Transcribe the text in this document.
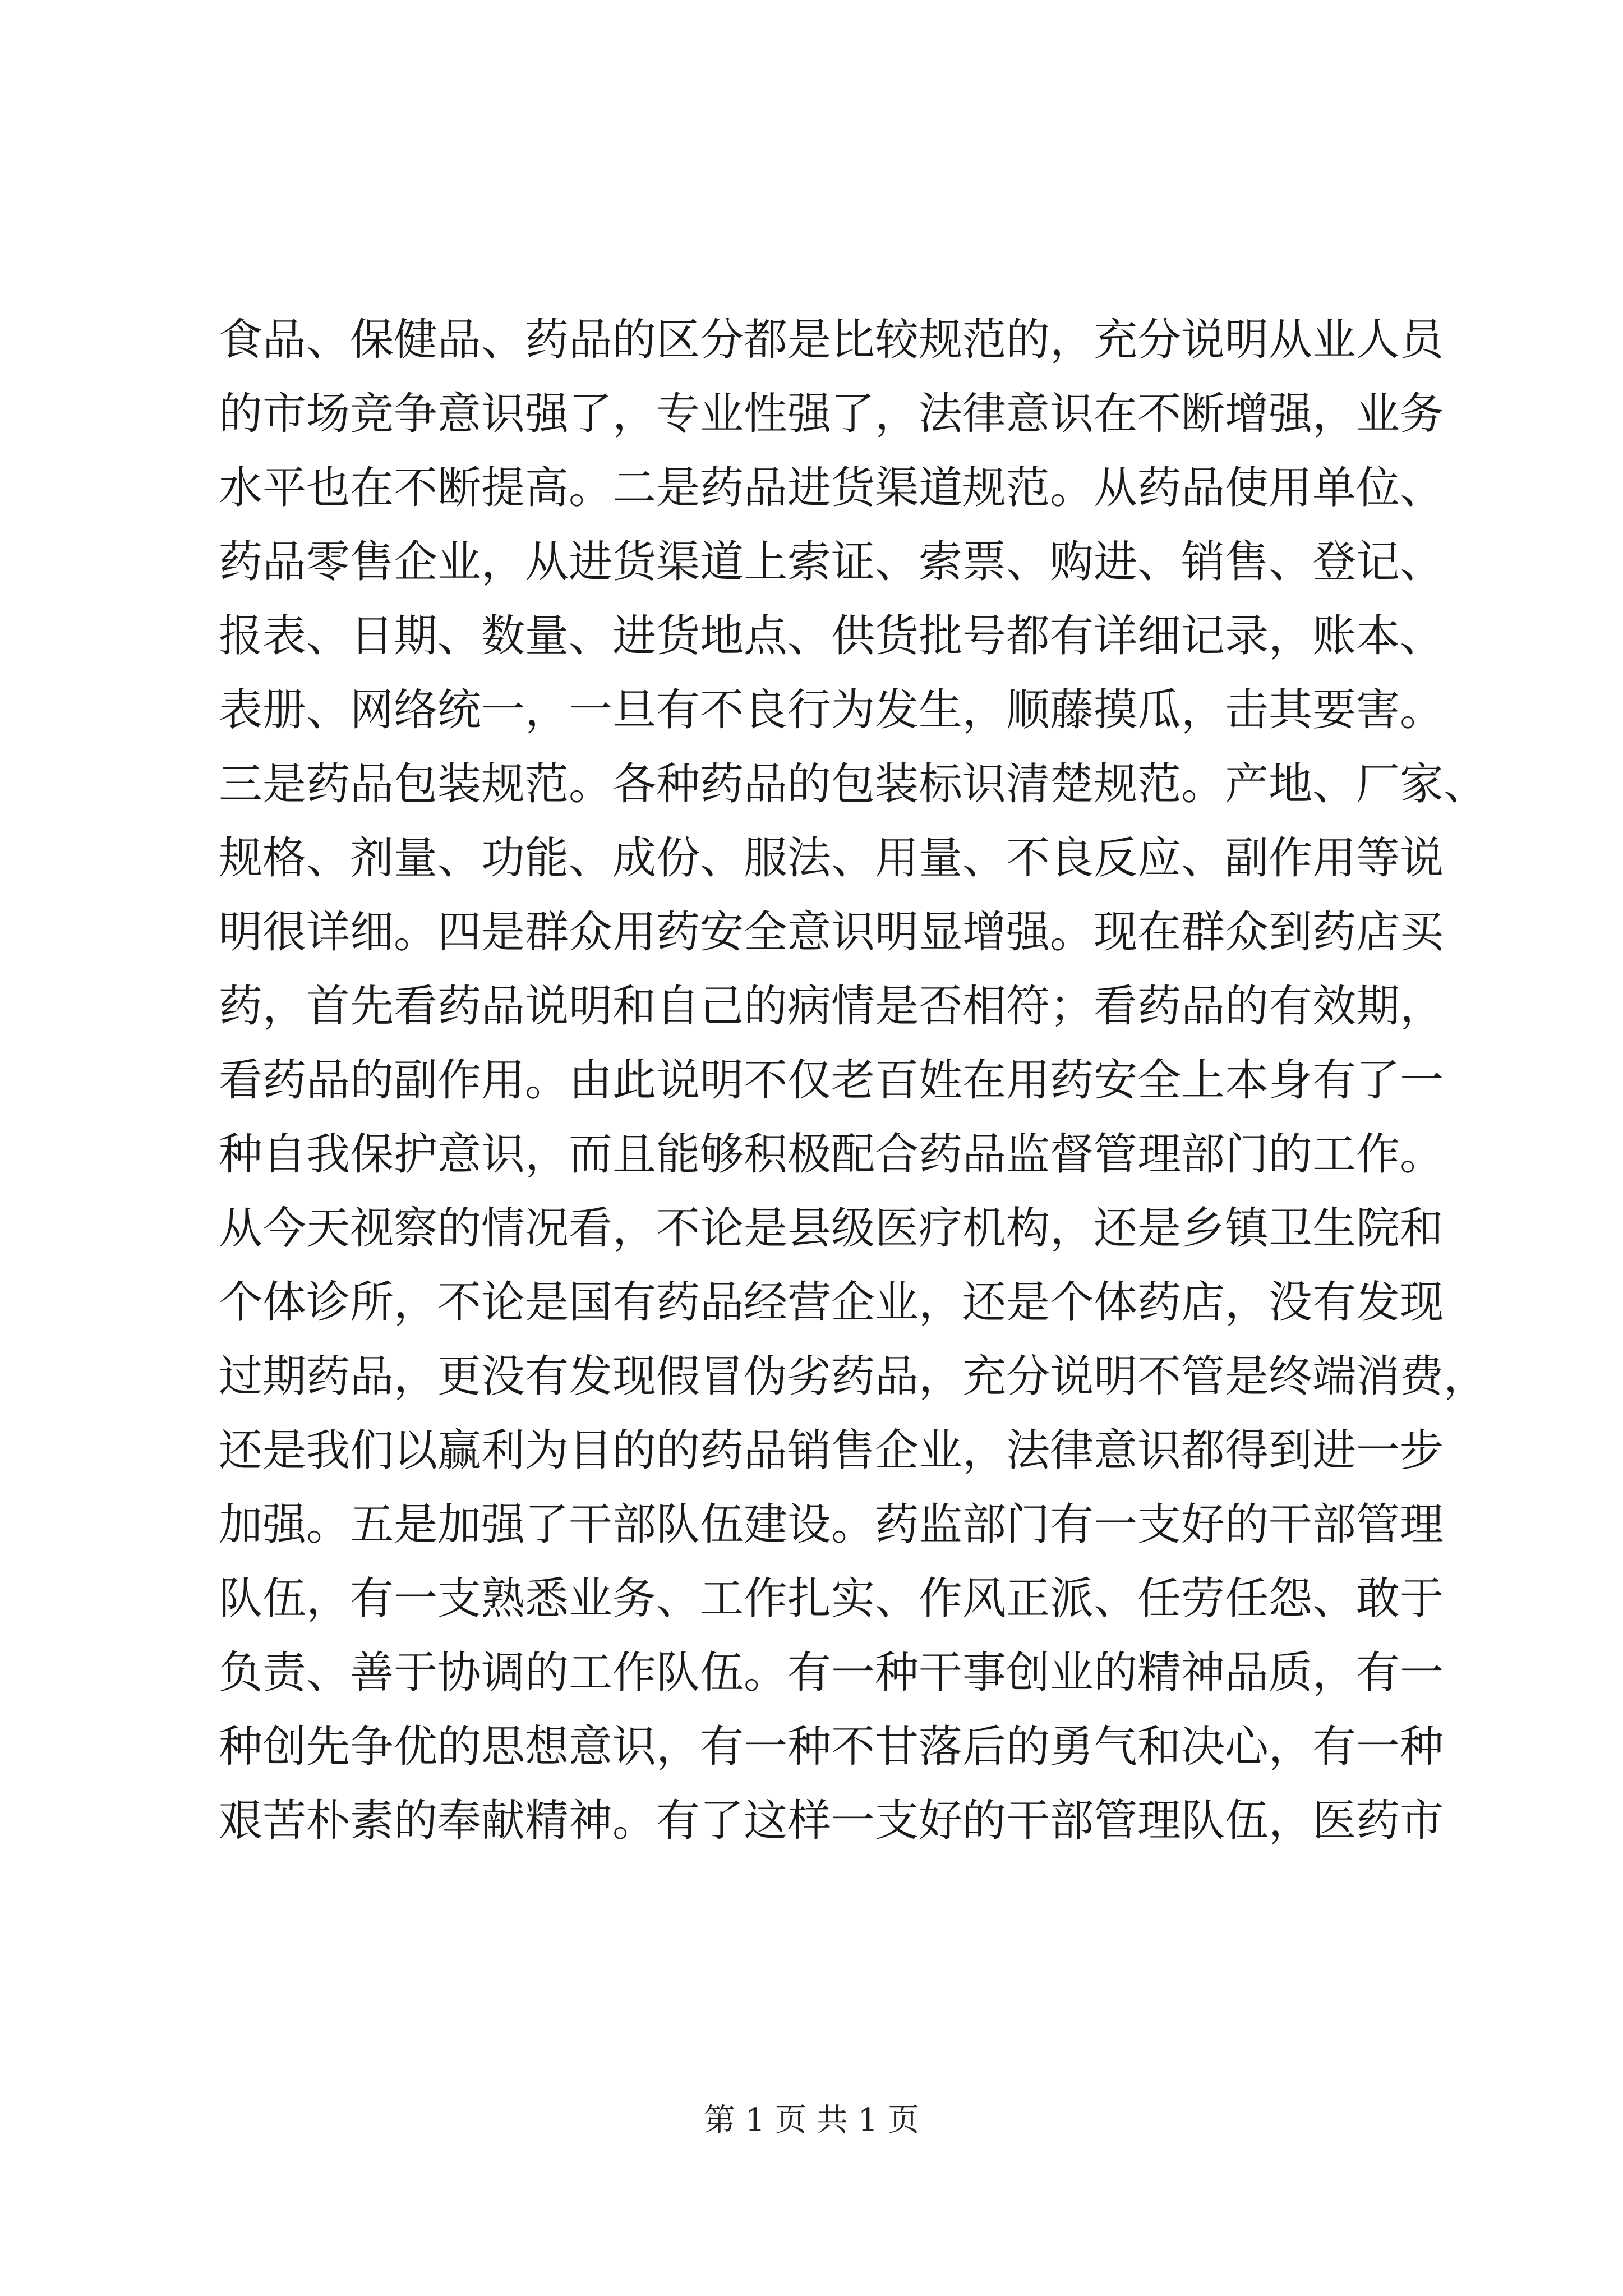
食品、保健品、药品的区分都是比较规范的，充分说明从业人员
的市场竞争意识强了，专业性强了，法律意识在不断增强，业务
水平也在不断提高。二是药品进货渠道规范。从药品使用单位、
药品零售企业，从进货渠道上索证、索票、购进、销售、登记、
报表、日期、数量、进货地点、供货批号都有详细记录，账本、
表册、网络统一，一旦有不良行为发生，顺藤摸瓜，击其要害。
三是药品包装规范。各种药品的包装标识清楚规范。产地、厂家、
规格、剂量、功能、成份、服法、用量、不良反应、副作用等说
明很详细。四是群众用药安全意识明显增强。现在群众到药店买
药，首先看药品说明和自己的病情是否相符；看药品的有效期，
看药品的副作用。由此说明不仅老百姓在用药安全上本身有了一
种自我保护意识，而且能够积极配合药品监督管理部门的工作。
从今天视察的情况看，不论是县级医疗机构，还是乡镇卫生院和
个体诊所，不论是国有药品经营企业，还是个体药店，没有发现
过期药品，更没有发现假冒伪劣药品，充分说明不管是终端消费，
还是我们以赢利为目的的药品销售企业，法律意识都得到进一步
加强。五是加强了干部队伍建设。药监部门有一支好的干部管理
队伍，有一支熟悉业务、工作扎实、作风正派、任劳任怨、敢于
负责、善于协调的工作队伍。有一种干事创业的精神品质，有一
种创先争优的思想意识，有一种不甘落后的勇气和决心，有一种
艰苦朴素的奉献精神。有了这样一支好的干部管理队伍，医药市
第 1 页 共 1 页
